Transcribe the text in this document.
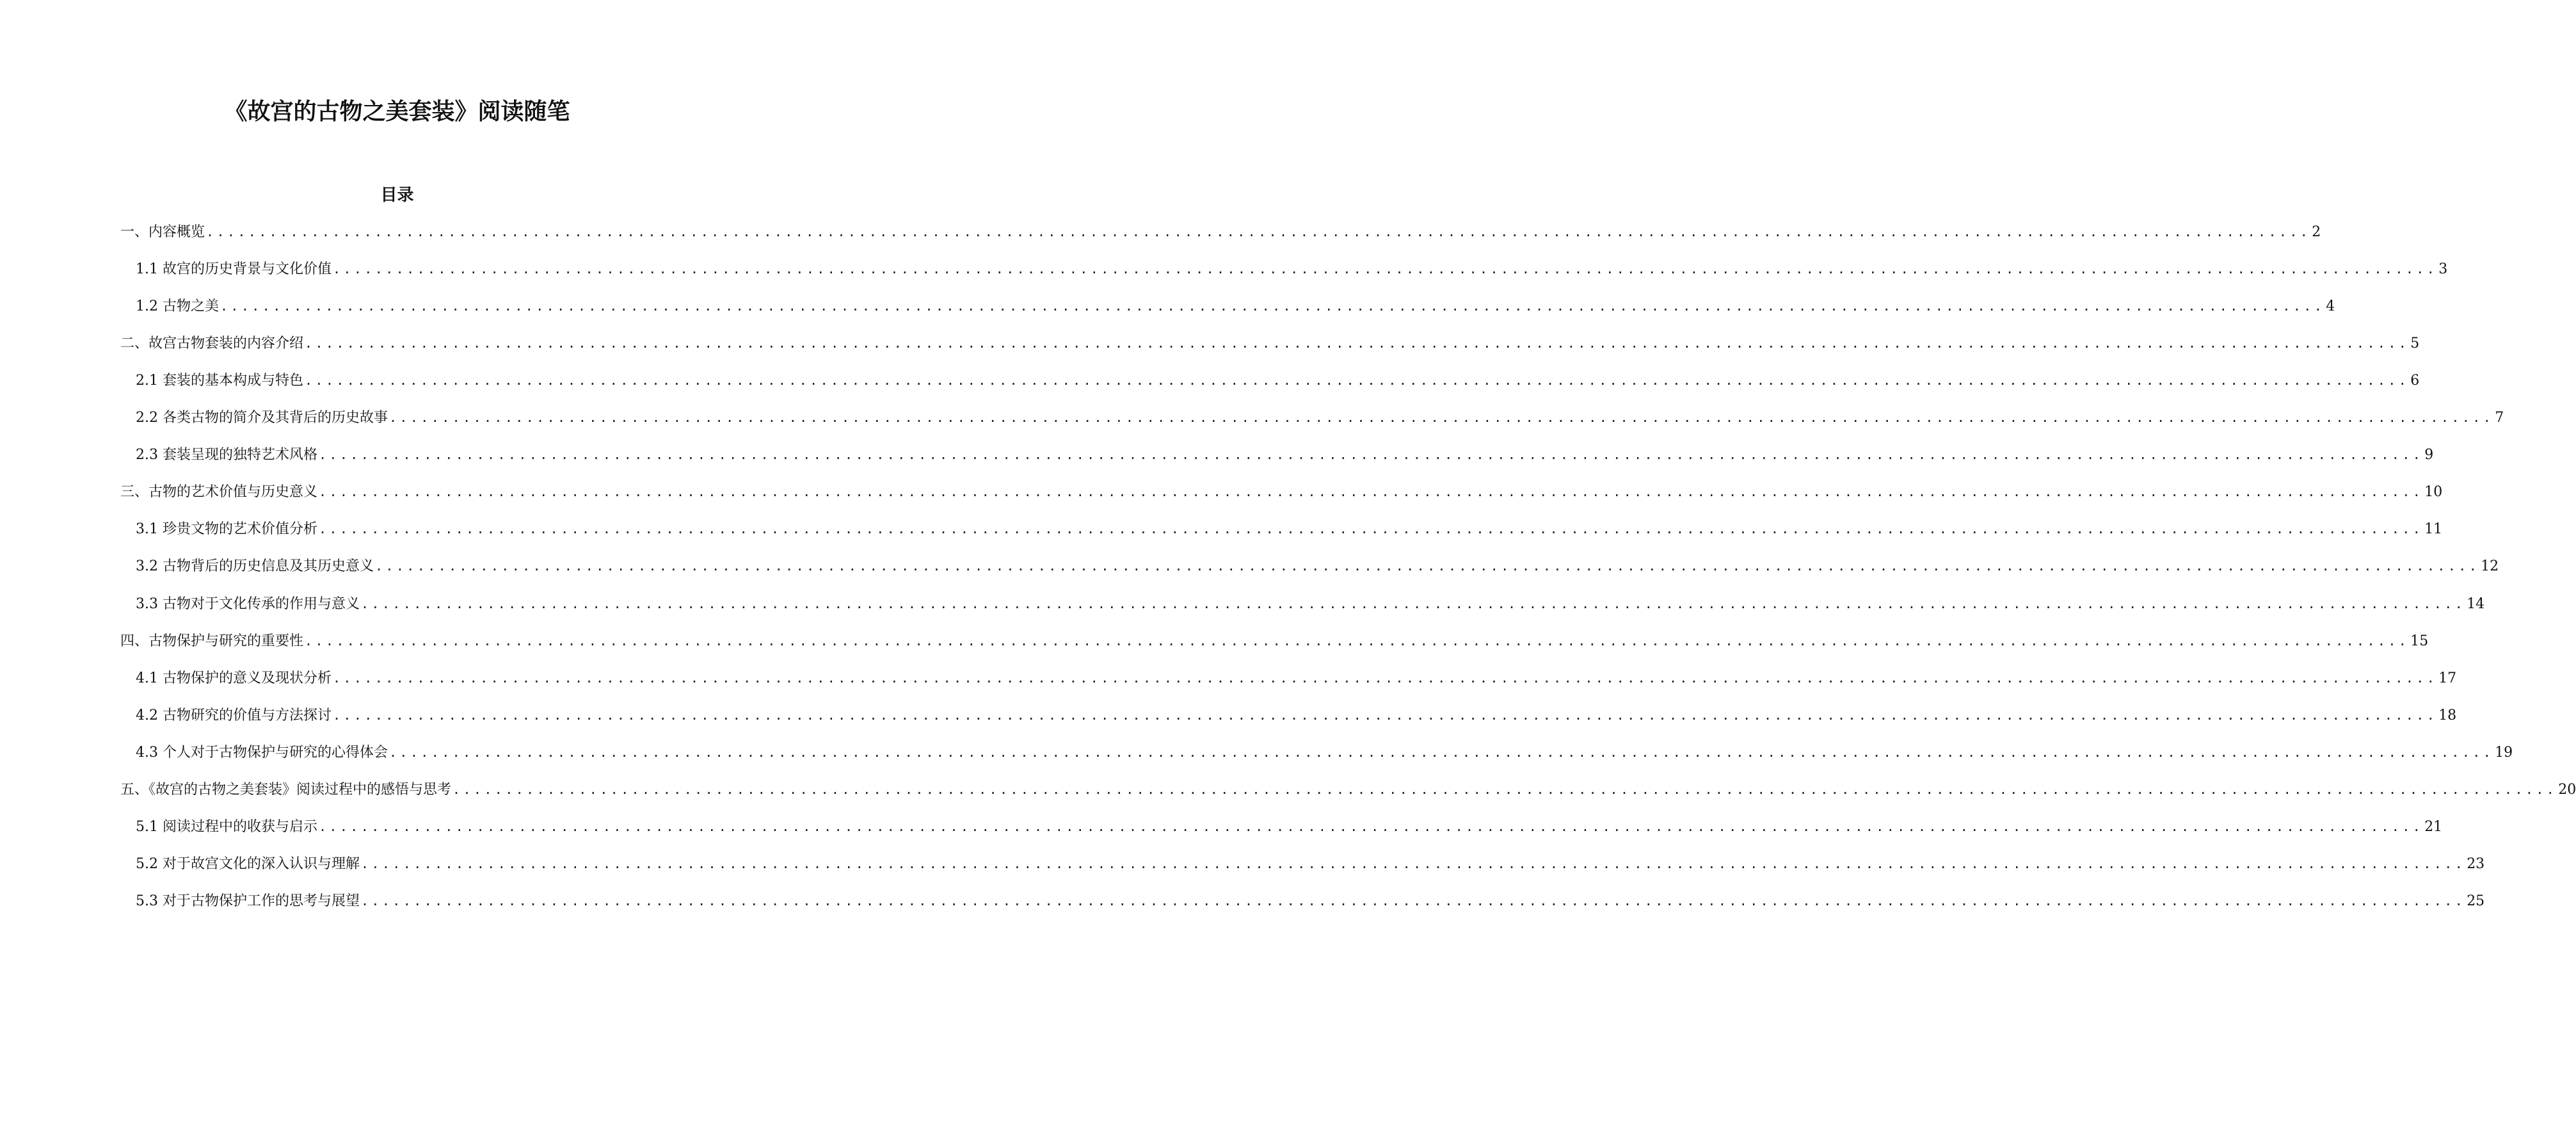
《故宫的古物之美套装》阅读随笔
目录
一、内容概览 ........................................................................................................................................................................................................ 2
1.1 故宫的历史背景与文化价值 ........................................................................................................................................................................................................ 3
1.2 古物之美 ........................................................................................................................................................................................................ 4
二、故宫古物套装的内容介绍 ........................................................................................................................................................................................................ 5
2.1 套装的基本构成与特色 ........................................................................................................................................................................................................ 6
2.2 各类古物的简介及其背后的历史故事 ........................................................................................................................................................................................................ 7
2.3 套装呈现的独特艺术风格 ........................................................................................................................................................................................................ 9
三、古物的艺术价值与历史意义 ........................................................................................................................................................................................................ 10
3.1 珍贵文物的艺术价值分析 ........................................................................................................................................................................................................ 11
3.2 古物背后的历史信息及其历史意义 ........................................................................................................................................................................................................ 12
3.3 古物对于文化传承的作用与意义 ........................................................................................................................................................................................................ 14
四、古物保护与研究的重要性 ........................................................................................................................................................................................................ 15
4.1 古物保护的意义及现状分析 ........................................................................................................................................................................................................ 17
4.2 古物研究的价值与方法探讨 ........................................................................................................................................................................................................ 18
4.3 个人对于古物保护与研究的心得体会 ........................................................................................................................................................................................................ 19
五、《故宫的古物之美套装》阅读过程中的感悟与思考 ........................................................................................................................................................................................................ 20
5.1 阅读过程中的收获与启示 ........................................................................................................................................................................................................ 21
5.2 对于故宫文化的深入认识与理解 ........................................................................................................................................................................................................ 23
5.3 对于古物保护工作的思考与展望 ........................................................................................................................................................................................................ 25
